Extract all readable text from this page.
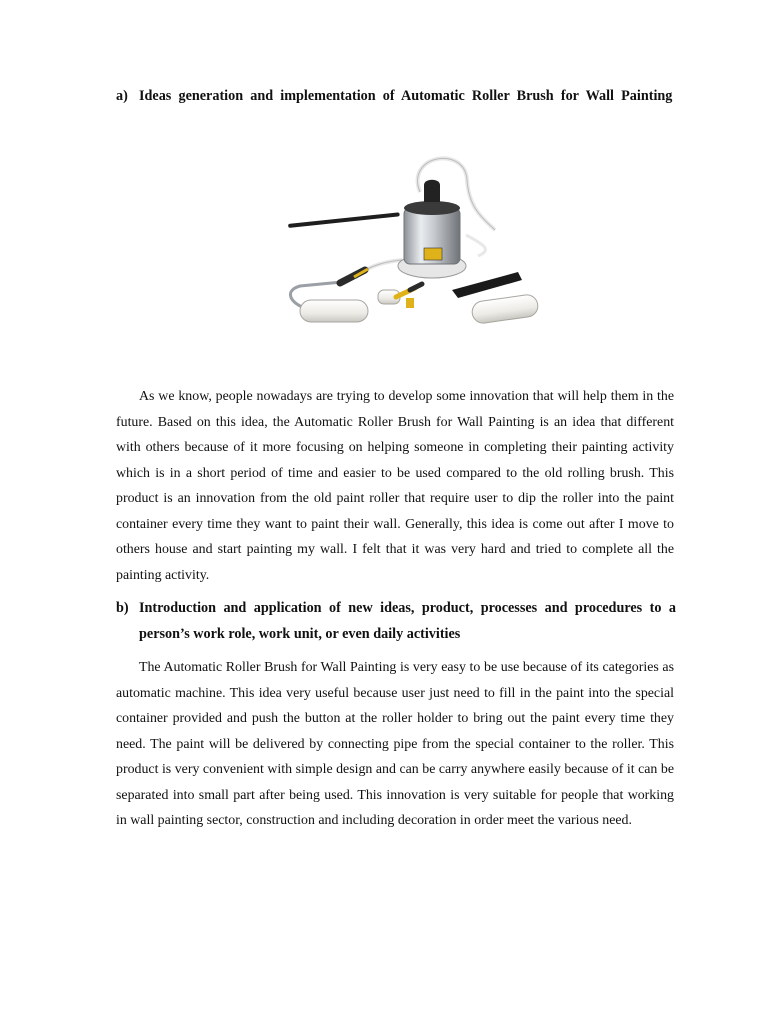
a) Ideas generation and implementation of Automatic Roller Brush for Wall Painting

As we know, people nowadays are trying to develop some innovation that will help them in the future. Based on this idea, the Automatic Roller Brush for Wall Painting is an idea that different with others because of it more focusing on helping someone in completing their painting activity which is in a short period of time and easier to be used compared to the old rolling brush. This product is an innovation from the old paint roller that require user to dip the roller into the paint container every time they want to paint their wall. Generally, this idea is come out after I move to others house and start painting my wall. I felt that it was very hard and tried to complete all the painting activity.

b) Introduction and application of new ideas, product, processes and procedures to a person’s work role, work unit, or even daily activities

The Automatic Roller Brush for Wall Painting is very easy to be use because of its categories as automatic machine. This idea very useful because user just need to fill in the paint into the special container provided and push the button at the roller holder to bring out the paint every time they need. The paint will be delivered by connecting pipe from the special container to the roller. This product is very convenient with simple design and can be carry anywhere easily because of it can be separated into small part after being used. This innovation is very suitable for people that working in wall painting sector, construction and including decoration in order meet the various need.
